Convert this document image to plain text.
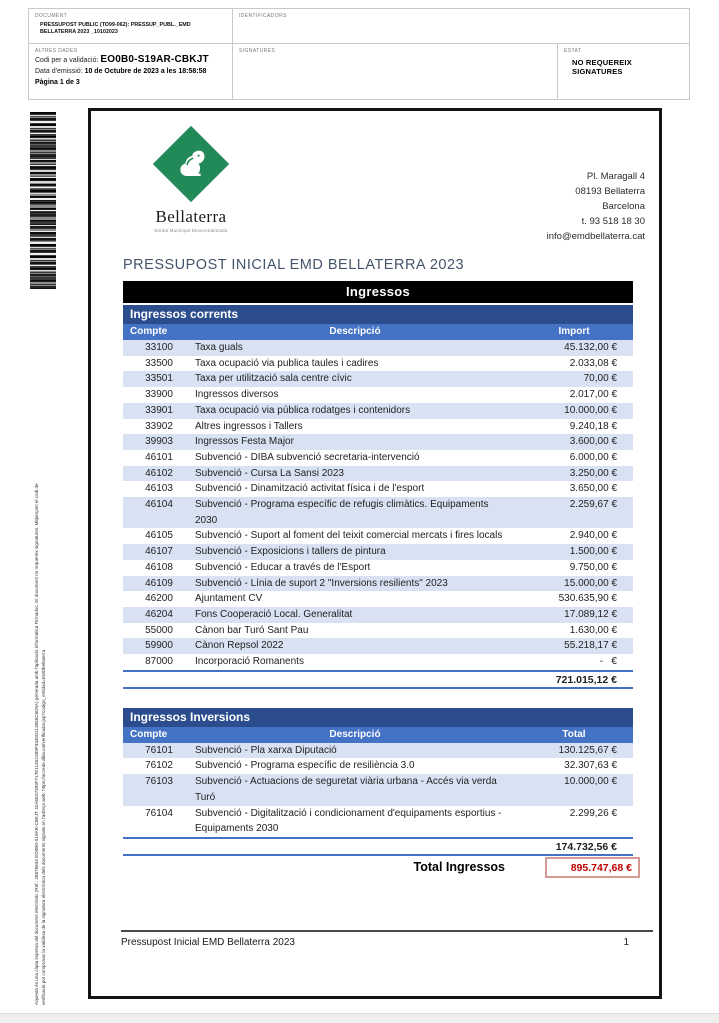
DOCUMENT
PRESSUPOST PUBLIC (TD99-062): PRESSUP_PUBL._EMD BELLATERRA 2023 _10102023
IDENTIFICADORS
ALTRES DADES
Codi per a validació: EO0B0-S19AR-CBKJT
Data d'emissió: 10 de Octubre de 2023 a les 18:58:58
Pàgina 1 de 3
SIGNATURES	ESTAT
NO REQUEREIX SIGNATURES
Aquesta és una còpia impresa del document electrònic (Ref.: 26876634 EO0B0-S19AR-CBKJT 42A6E37393F717E114521B9F3345D113555C6D5A) generada amb l'aplicació informàtica Firmadoc. El document no requereix signatures. Mitjançant el codi de verificació pot comprovar la validesa de la signatura electrònica dels documents signats en l'adreça web: https://accede.diba.cat/verificador.jsp?codigo_entidad=EMDbellaterra
Bellaterra
Entitat Municipal Descentralitzada
Pl. Maragall 4
08193 Bellaterra
Barcelona
t. 93 518 18 30
info@emdbellaterra.cat
PRESSUPOST INICIAL EMD BELLATERRA 2023
Ingressos
Ingressos corrents
Compte	Descripció	Import
33100	Taxa guals	45.132,00 €
33500	Taxa ocupació via publica taules i cadires	2.033,08 €
33501	Taxa per utilització sala centre cívic	70,00 €
33900	Ingressos diversos	2.017,00 €
33901	Taxa ocupació via pública rodatges i contenidors	10.000,00 €
33902	Altres ingressos i Tallers	9.240,18 €
39903	Ingressos Festa Major	3.600,00 €
46101	Subvenció - DIBA subvenció secretaria-intervenció	6.000,00 €
46102	Subvenció - Cursa La Sansi 2023	3.250,00 €
46103	Subvenció - Dinamització activitat física i de l'esport	3.650,00 €
46104	Subvenció - Programa específic de refugis climàtics. Equipaments 2030
2.259,67 €
46105	Subvenció - Suport al foment del teixit comercial mercats i fires locals	2.940,00 €
46107	Subvenció - Exposicions i tallers de pintura	1.500,00 €
46108	Subvenció - Educar a través de l'Esport	9.750,00 €
46109	Subvenció - Línia de suport 2 "Inversions resilients" 2023	15.000,00 €
46200	Ajuntament CV	530.635,90 €
46204	Fons Cooperació Local. Generalitat	17.089,12 €
55000	Cànon bar Turó Sant Pau	1.630,00 €
59900	Cànon Repsol 2022	55.218,17 €
87000	Incorporació Romanents	-   €
721.015,12 €
Ingressos Inversions
Compte	Descripció	Total
76101	Subvenció - Pla xarxa Diputació	130.125,67 €
76102	Subvenció - Programa específic de resiliència 3.0	32.307,63 €
76103	Subvenció - Actuacions de seguretat viària urbana - Accés via verda Turó
10.000,00 €
76104	Subvenció - Digitalització i condicionament d'equipaments esportius - Equipaments 2030
2.299,26 €
174.732,56 €
Total Ingressos	895.747,68 €
Pressupost Inicial EMD Bellaterra 2023	1
